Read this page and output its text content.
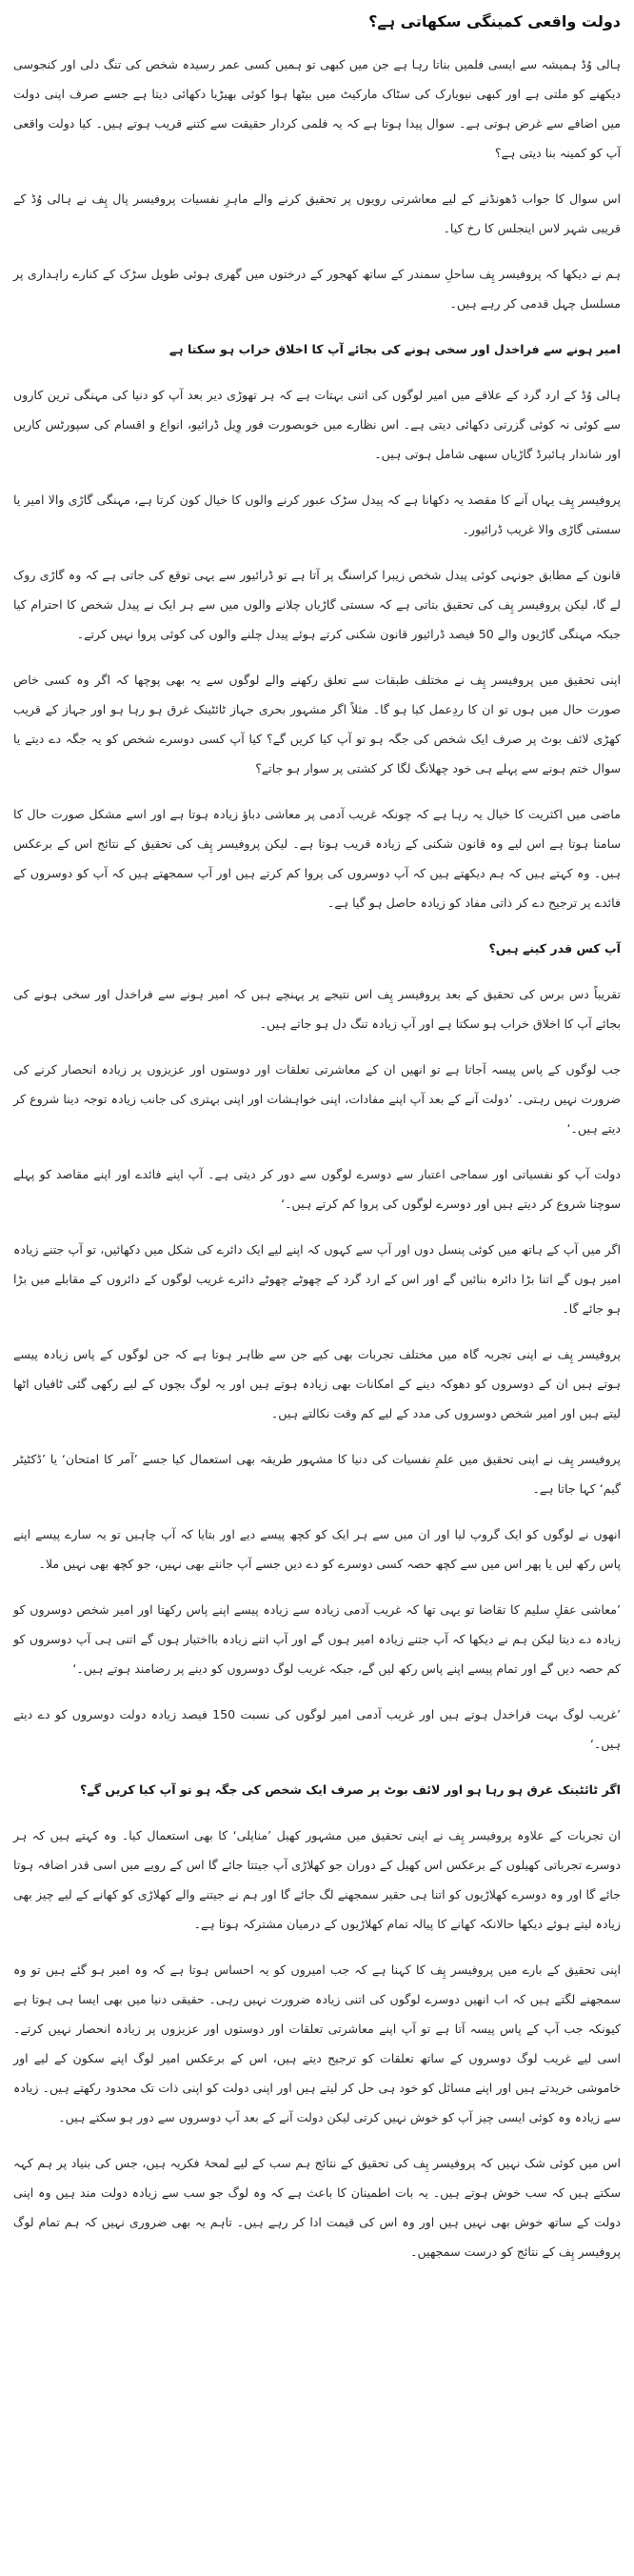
دولت واقعی کمینگی سکھاتی ہے؟

ہالی وُڈ ہمیشہ سے ایسی فلمیں بناتا رہا ہے جن میں کبھی تو ہمیں کسی عمر رسیدہ شخص کی تنگ دلی اور کنجوسی دیکھنے کو ملتی ہے اور کبھی نیویارک کی سٹاک مارکیٹ میں بیٹھا ہوا کوئی بھیڑیا دکھائی دیتا ہے جسے صرف اپنی دولت میں اضافے سے غرض ہوتی ہے۔ سوال پیدا ہوتا ہے کہ یہ فلمی کردار حقیقت سے کتنے قریب ہوتے ہیں۔ کیا دولت واقعی آپ کو کمینہ بنا دیتی ہے؟

اس سوال کا جواب ڈھونڈنے کے لیے معاشرتی رویوں پر تحقیق کرنے والے ماہرِ نفسیات پروفیسر پال پِف نے ہالی وُڈ کے قریبی شہر لاس اینجلس کا رخ کیا۔

ہم نے دیکھا کہ پروفیسر پِف ساحلِ سمندر کے ساتھ کھجور کے درختوں میں گھری ہوئی طویل سڑک کے کنارے راہداری پر مسلسل چہل قدمی کر رہے ہیں۔

امیر ہونے سے فراخدل اور سخی ہونے کی بجائے آپ کا اخلاق خراب ہو سکتا ہے

ہالی وُڈ کے ارد گرد کے علاقے میں امیر لوگوں کی اتنی بہتات ہے کہ ہر تھوڑی دیر بعد آپ کو دنیا کی مہنگی ترین کاروں سے کوئی نہ کوئی گزرتی دکھائی دیتی ہے۔ اس نظارے میں خوبصورت فور وِیل ڈرائیو، انواع و اقسام کی سپورٹس کاریں اور شاندار ہائبرڈ گاڑیاں سبھی شامل ہوتی ہیں۔

پروفیسر پِف یہاں آنے کا مقصد یہ دکھانا ہے کہ پیدل سڑک عبور کرنے والوں کا خیال کون کرتا ہے، مہنگی گاڑی والا امیر یا سستی گاڑی والا غریب ڈرائیور۔

قانون کے مطابق جونہی کوئی پیدل شخص زیبرا کراسنگ پر آتا ہے تو ڈرائیور سے یہی توقع کی جاتی ہے کہ وہ گاڑی روک لے گا، لیکن پروفیسر پِف کی تحقیق بتاتی ہے کہ سستی گاڑیاں چلانے والوں میں سے ہر ایک نے پیدل شخص کا احترام کیا جبکہ مہنگی گاڑیوں والے 50 فیصد ڈرائیور قانون شکنی کرتے ہوئے پیدل چلنے والوں کی کوئی پروا نہیں کرتے۔

اپنی تحقیق میں پروفیسر پِف نے مختلف طبقات سے تعلق رکھنے والے لوگوں سے یہ بھی پوچھا کہ اگر وہ کسی خاص صورت حال میں ہوں تو ان کا ردِعمل کیا ہو گا۔ مثلاً اگر مشہور بحری جہاز ٹائٹینک غرق ہو رہا ہو اور جہاز کے قریب کھڑی لائف بوٹ پر صرف ایک شخص کی جگہ ہو تو آپ کیا کریں گے؟ کیا آپ کسی دوسرے شخص کو یہ جگہ دے دیتے یا سوال ختم ہونے سے پہلے ہی خود چھلانگ لگا کر کشتی پر سوار ہو جاتے؟

ماضی میں اکثریت کا خیال یہ رہا ہے کہ چونکہ غریب آدمی پر معاشی دباؤ زیادہ ہوتا ہے اور اسے مشکل صورت حال کا سامنا ہوتا ہے اس لیے وہ قانون شکنی کے زیادہ قریب ہوتا ہے۔ لیکن پروفیسر پِف کی تحقیق کے نتائج اس کے برعکس ہیں۔ وہ کہتے ہیں کہ ہم دیکھتے ہیں کہ آپ دوسروں کی پروا کم کرتے ہیں اور آپ سمجھتے ہیں کہ آپ کو دوسروں کے فائدے پر ترجیح دے کر ذاتی مفاد کو زیادہ حاصل ہو گیا ہے۔

آپ کس قدر کینے ہیں؟

تقریباً دس برس کی تحقیق کے بعد پروفیسر پِف اس نتیجے پر پہنچے ہیں کہ امیر ہونے سے فراخدل اور سخی ہونے کی بجائے آپ کا اخلاق خراب ہو سکتا ہے اور آپ زیادہ تنگ دل ہو جاتے ہیں۔

جب لوگوں کے پاس پیسہ آجاتا ہے تو انھیں ان کے معاشرتی تعلقات اور دوستوں اور عزیزوں پر زیادہ انحصار کرنے کی ضرورت نہیں رہتی۔ ’دولت آنے کے بعد آپ اپنے مفادات، اپنی خواہشات اور اپنی بہتری کی جانب زیادہ توجہ دینا شروع کر دیتے ہیں۔‘

دولت آپ کو نفسیاتی اور سماجی اعتبار سے دوسرے لوگوں سے دور کر دیتی ہے۔ آپ اپنے فائدے اور اپنے مقاصد کو پہلے سوچنا شروع کر دیتے ہیں اور دوسرے لوگوں کی پروا کم کرتے ہیں۔‘

اگر میں آپ کے ہاتھ میں کوئی پنسل دوں اور آپ سے کہوں کہ اپنے لیے ایک دائرے کی شکل میں دکھائیں، تو آپ جتنے زیادہ امیر ہوں گے اتنا بڑا دائرہ بنائیں گے اور اس کے ارد گرد کے چھوٹے چھوٹے دائرے غریب لوگوں کے دائروں کے مقابلے میں بڑا ہو جائے گا۔

پروفیسر پِف نے اپنی تجربہ گاہ میں مختلف تجربات بھی کیے جن سے ظاہر ہوتا ہے کہ جن لوگوں کے پاس زیادہ پیسے ہوتے ہیں ان کے دوسروں کو دھوکہ دینے کے امکانات بھی زیادہ ہوتے ہیں اور یہ لوگ بچوں کے لیے رکھی گئی ٹافیاں اٹھا لیتے ہیں اور امیر شخص دوسروں کی مدد کے لیے کم وقت نکالتے ہیں۔

پروفیسر پِف نے اپنی تحقیق میں علمِ نفسیات کی دنیا کا مشہور طریقہ بھی استعمال کیا جسے ’آمر کا امتحان‘ یا ’ڈکٹیٹر گیم‘ کہا جاتا ہے۔

انھوں نے لوگوں کو ایک گروپ لیا اور ان میں سے ہر ایک کو کچھ پیسے دیے اور بتایا کہ آپ چاہیں تو یہ سارے پیسے اپنے پاس رکھ لیں یا پھر اس میں سے کچھ حصہ کسی دوسرے کو دے دیں جسے آپ جانتے بھی نہیں، جو کچھ بھی نہیں ملا۔

’معاشی عقلِ سلیم کا تقاضا تو یہی تھا کہ غریب آدمی زیادہ سے زیادہ پیسے اپنے پاس رکھتا اور امیر شخص دوسروں کو زیادہ دے دیتا لیکن ہم نے دیکھا کہ آپ جتنے زیادہ امیر ہوں گے اور آپ اتنے زیادہ بااختیار ہوں گے اتنی ہی آپ دوسروں کو کم حصہ دیں گے اور تمام پیسے اپنے پاس رکھ لیں گے، جبکہ غریب لوگ دوسروں کو دینے پر رضامند ہوتے ہیں۔‘

’غریب لوگ بہت فراخدل ہوتے ہیں اور غریب آدمی امیر لوگوں کی نسبت 150 فیصد زیادہ دولت دوسروں کو دے دیتے ہیں۔‘

اگر ٹائٹینک غرق ہو رہا ہو اور لائف بوٹ پر صرف ایک شخص کی جگہ ہو تو آپ کیا کریں گے؟

ان تجربات کے علاوہ پروفیسر پِف نے اپنی تحقیق میں مشہور کھیل ’مناپلی‘ کا بھی استعمال کیا۔ وہ کہتے ہیں کہ ہر دوسرے تجرباتی کھیلوں کے برعکس اس کھیل کے دوران جو کھلاڑی آپ جیتتا جائے گا اس کے رویے میں اسی قدر اضافہ ہوتا جائے گا اور وہ دوسرے کھلاڑیوں کو اتنا ہی حقیر سمجھنے لگ جائے گا اور ہم نے جیتنے والے کھلاڑی کو کھانے کے لیے چیز بھی زیادہ لیتے ہوئے دیکھا حالانکہ کھانے کا پیالہ تمام کھلاڑیوں کے درمیان مشترکہ ہوتا ہے۔

اپنی تحقیق کے بارے میں پروفیسر پِف کا کہنا ہے کہ جب امیروں کو یہ احساس ہوتا ہے کہ وہ امیر ہو گئے ہیں تو وہ سمجھنے لگتے ہیں کہ اب انھیں دوسرے لوگوں کی اتنی زیادہ ضرورت نہیں رہی۔ حقیقی دنیا میں بھی ایسا ہی ہوتا ہے کیونکہ جب آپ کے پاس پیسہ آتا ہے تو آپ اپنے معاشرتی تعلقات اور دوستوں اور عزیزوں پر زیادہ انحصار نہیں کرتے۔ اسی لیے غریب لوگ دوسروں کے ساتھ تعلقات کو ترجیح دیتے ہیں، اس کے برعکس امیر لوگ اپنے سکون کے لیے اور خاموشی خریدتے ہیں اور اپنے مسائل کو خود ہی حل کر لیتے ہیں اور اپنی دولت کو اپنی ذات تک محدود رکھتے ہیں۔ زیادہ سے زیادہ وہ کوئی ایسی چیز آپ کو خوش نہیں کرتی لیکن دولت آنے کے بعد آپ دوسروں سے دور ہو سکتے ہیں۔

اس میں کوئی شک نہیں کہ پروفیسر پِف کی تحقیق کے نتائج ہم سب کے لیے لمحۂ فکریہ ہیں، جس کی بنیاد پر ہم کہہ سکتے ہیں کہ سب خوش ہوتے ہیں۔ یہ بات اطمینان کا باعث ہے کہ وہ لوگ جو سب سے زیادہ دولت مند ہیں وہ اپنی دولت کے ساتھ خوش بھی نہیں ہیں اور وہ اس کی قیمت ادا کر رہے ہیں۔ تاہم یہ بھی ضروری نہیں کہ ہم تمام لوگ پروفیسر پِف کے نتائج کو درست سمجھیں۔
